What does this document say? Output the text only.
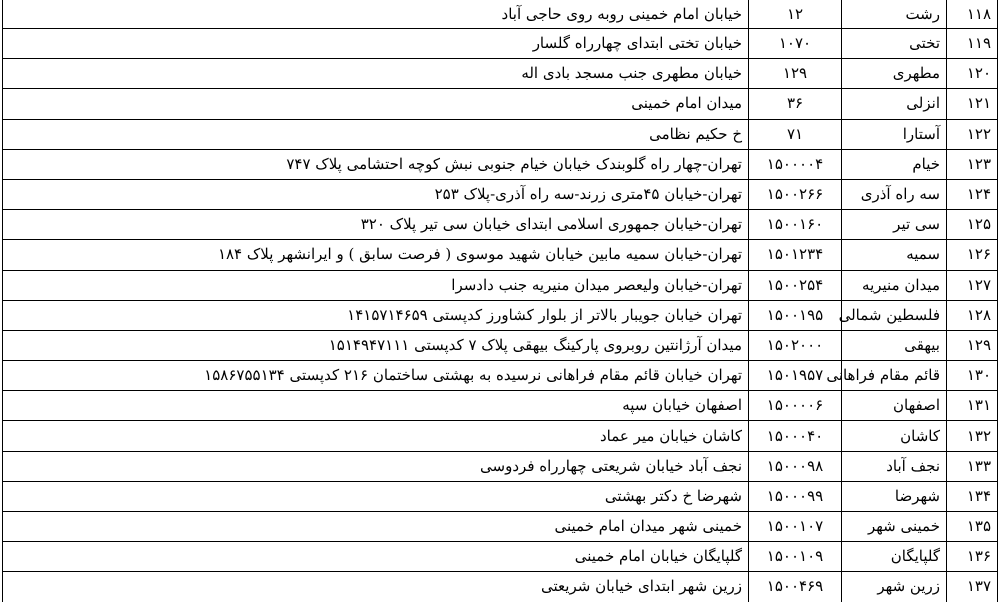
۱۱۸	رشت	۱۲	خیابان امام خمینی روبه روی حاجی آباد
۱۱۹	تختی	۱۰۷۰	خیابان تختی ابتدای چهارراه گلسار
۱۲۰	مطهری	۱۲۹	خیابان مطهری جنب مسجد بادی اله
۱۲۱	انزلی	۳۶	میدان امام خمینی
۱۲۲	آستارا	۷۱	خ حکیم نظامی
۱۲۳	خیام	۱۵۰۰۰۰۴	تهران-چهار راه گلوبندک خیابان خیام جنوبی نبش کوچه احتشامی پلاک ۷۴۷
۱۲۴	سه راه آذری	۱۵۰۰۲۶۶	تهران-خیابان ۴۵متری زرند-سه راه آذری-پلاک ۲۵۳
۱۲۵	سی تیر	۱۵۰۰۱۶۰	تهران-خیابان جمهوری اسلامی ابتدای خیابان سی تیر پلاک ۳۲۰
۱۲۶	سمیه	۱۵۰۱۲۳۴	تهران-خیابان سمیه مابین خیابان شهید موسوی ( فرصت سابق ) و ایرانشهر پلاک ۱۸۴
۱۲۷	میدان منیریه	۱۵۰۰۲۵۴	تهران-خیابان ولیعصر میدان منیریه جنب دادسرا
۱۲۸	فلسطین شمالی	۱۵۰۰۱۹۵	تهران خیابان جویبار بالاتر از بلوار کشاورز کدپستی ۱۴۱۵۷۱۴۶۵۹
۱۲۹	بیهقی	۱۵۰۲۰۰۰	میدان آرژانتین روبروی پارکینگ بیهقی پلاک ۷ کدپستی ۱۵۱۴۹۴۷۱۱۱
۱۳۰	قائم مقام فراهانی	۱۵۰۱۹۵۷	تهران خیابان قائم مقام فراهانی نرسیده به بهشتی ساختمان ۲۱۶ کدپستی ۱۵۸۶۷۵۵۱۳۴
۱۳۱	اصفهان	۱۵۰۰۰۰۶	اصفهان خیابان سپه
۱۳۲	کاشان	۱۵۰۰۰۴۰	کاشان خیابان میر عماد
۱۳۳	نجف آباد	۱۵۰۰۰۹۸	نجف آباد خیابان شریعتی چهارراه فردوسی
۱۳۴	شهرضا	۱۵۰۰۰۹۹	شهرضا خ دکتر بهشتی
۱۳۵	خمینی شهر	۱۵۰۰۱۰۷	خمینی شهر میدان امام خمینی
۱۳۶	گلپایگان	۱۵۰۰۱۰۹	گلپایگان خیابان امام خمینی
۱۳۷	زرین شهر	۱۵۰۰۴۶۹	زرین شهر ابتدای خیابان شریعتی
